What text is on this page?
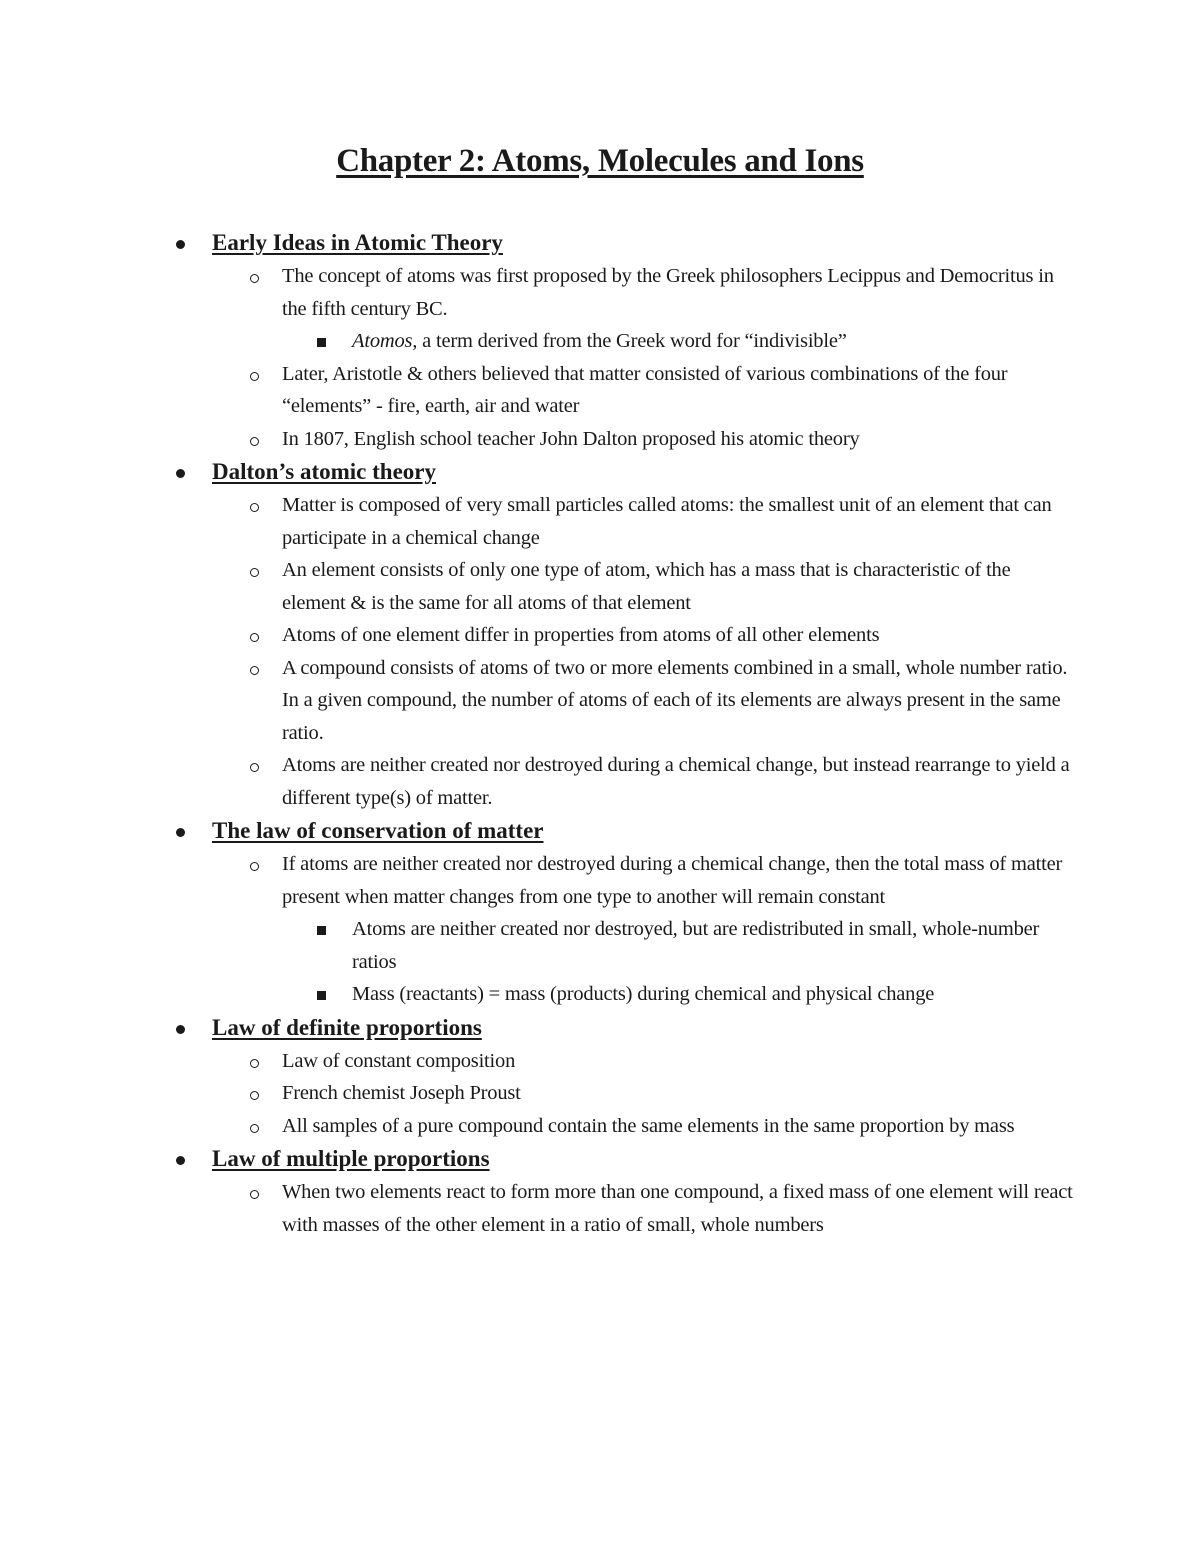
Chapter 2: Atoms, Molecules and Ions
Early Ideas in Atomic Theory
The concept of atoms was first proposed by the Greek philosophers Lecippus and Democritus in the fifth century BC.
Atomos, a term derived from the Greek word for “indivisible”
Later, Aristotle & others believed that matter consisted of various combinations of the four “elements” - fire, earth, air and water
In 1807, English school teacher John Dalton proposed his atomic theory
Dalton’s atomic theory
Matter is composed of very small particles called atoms: the smallest unit of an element that can participate in a chemical change
An element consists of only one type of atom, which has a mass that is characteristic of the element & is the same for all atoms of that element
Atoms of one element differ in properties from atoms of all other elements
A compound consists of atoms of two or more elements combined in a small, whole number ratio. In a given compound, the number of atoms of each of its elements are always present in the same ratio.
Atoms are neither created nor destroyed during a chemical change, but instead rearrange to yield a different type(s) of matter.
The law of conservation of matter
If atoms are neither created nor destroyed during a chemical change, then the total mass of matter present when matter changes from one type to another will remain constant
Atoms are neither created nor destroyed, but are redistributed in small, whole-number ratios
Mass (reactants) = mass (products) during chemical and physical change
Law of definite proportions
Law of constant composition
French chemist Joseph Proust
All samples of a pure compound contain the same elements in the same proportion by mass
Law of multiple proportions
When two elements react to form more than one compound, a fixed mass of one element will react with masses of the other element in a ratio of small, whole numbers
